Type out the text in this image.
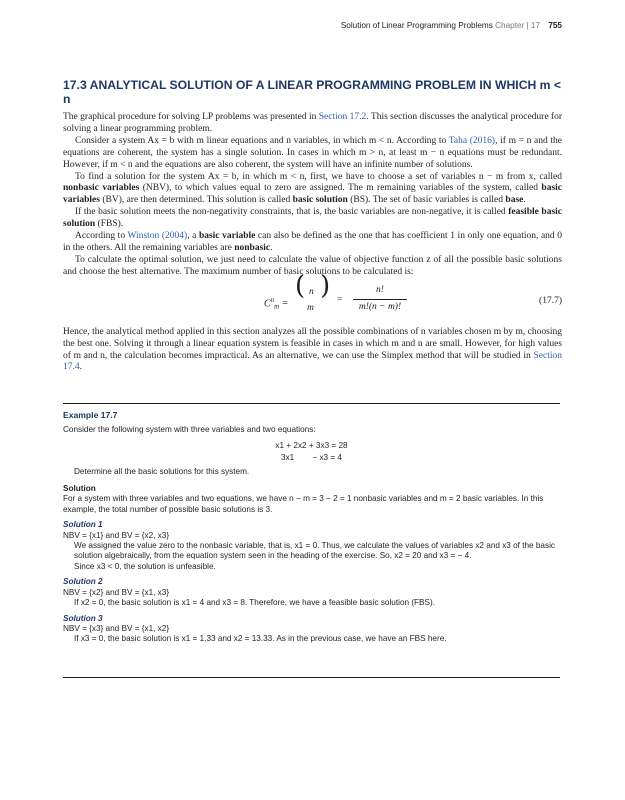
Solution of Linear Programming Problems Chapter | 17 755
17.3 ANALYTICAL SOLUTION OF A LINEAR PROGRAMMING PROBLEM IN WHICH m < n

The graphical procedure for solving LP problems was presented in Section 17.2. This section discusses the analytical procedure for solving a linear programming problem.

Consider a system Ax = b with m linear equations and n variables, in which m < n. According to Taha (2016), if m = n and the equations are coherent, the system has a single solution. In cases in which m > n, at least m − n equations must be redundant. However, if m < n and the equations are also coherent, the system will have an infinite number of solutions.

To find a solution for the system Ax = b, in which m < n, first, we have to choose a set of variables n − m from x, called nonbasic variables (NBV), to which values equal to zero are assigned. The m remaining variables of the system, called basic variables (BV), are then determined. This solution is called basic solution (BS). The set of basic variables is called base.

If the basic solution meets the non-negativity constraints, that is, the basic variables are non-negative, it is called feasible basic solution (FBS).

According to Winston (2004), a basic variable can also be defined as the one that has coefficient 1 in only one equation, and 0 in the others. All the remaining variables are nonbasic.

To calculate the optimal solution, we just need to calculate the value of objective function z of all the possible basic solutions and choose the best alternative. The maximum number of basic solutions to be calculated is:

$C^n_m$ =
( n
m
) =
n!
m!(n − m)!
(17.7)

Hence, the analytical method applied in this section analyzes all the possible combinations of n variables chosen m by m, choosing the best one. Solving it through a linear equation system is feasible in cases in which m and n are small. However, for high values of m and n, the calculation becomes impractical. As an alternative, we can use the Simplex method that will be studied in Section 17.4.

Example 17.7

Consider the following system with three variables and two equations:

x1 + 2x2 + 3x3 = 28
3x1        − x3 = 4

Determine all the basic solutions for this system.

Solution

For a system with three variables and two equations, we have n − m = 3 − 2 = 1 nonbasic variables and m = 2 basic variables. In this example, the total number of possible basic solutions is 3.

Solution 1

NBV = {x1} and BV = {x2, x3}

We assigned the value zero to the nonbasic variable, that is, x1 = 0. Thus, we calculate the values of variables x2 and x3 of the basic solution algebraically, from the equation system seen in the heading of the exercise. So, x2 = 20 and x3 = − 4.

Since x3 < 0, the solution is unfeasible.

Solution 2

NBV = {x2} and BV = {x1, x3}

If x2 = 0, the basic solution is x1 = 4 and x3 = 8. Therefore, we have a feasible basic solution (FBS).

Solution 3

NBV = {x3} and BV = {x1, x2}

If x3 = 0, the basic solution is x1 = 1.33 and x2 = 13.33. As in the previous case, we have an FBS here.
